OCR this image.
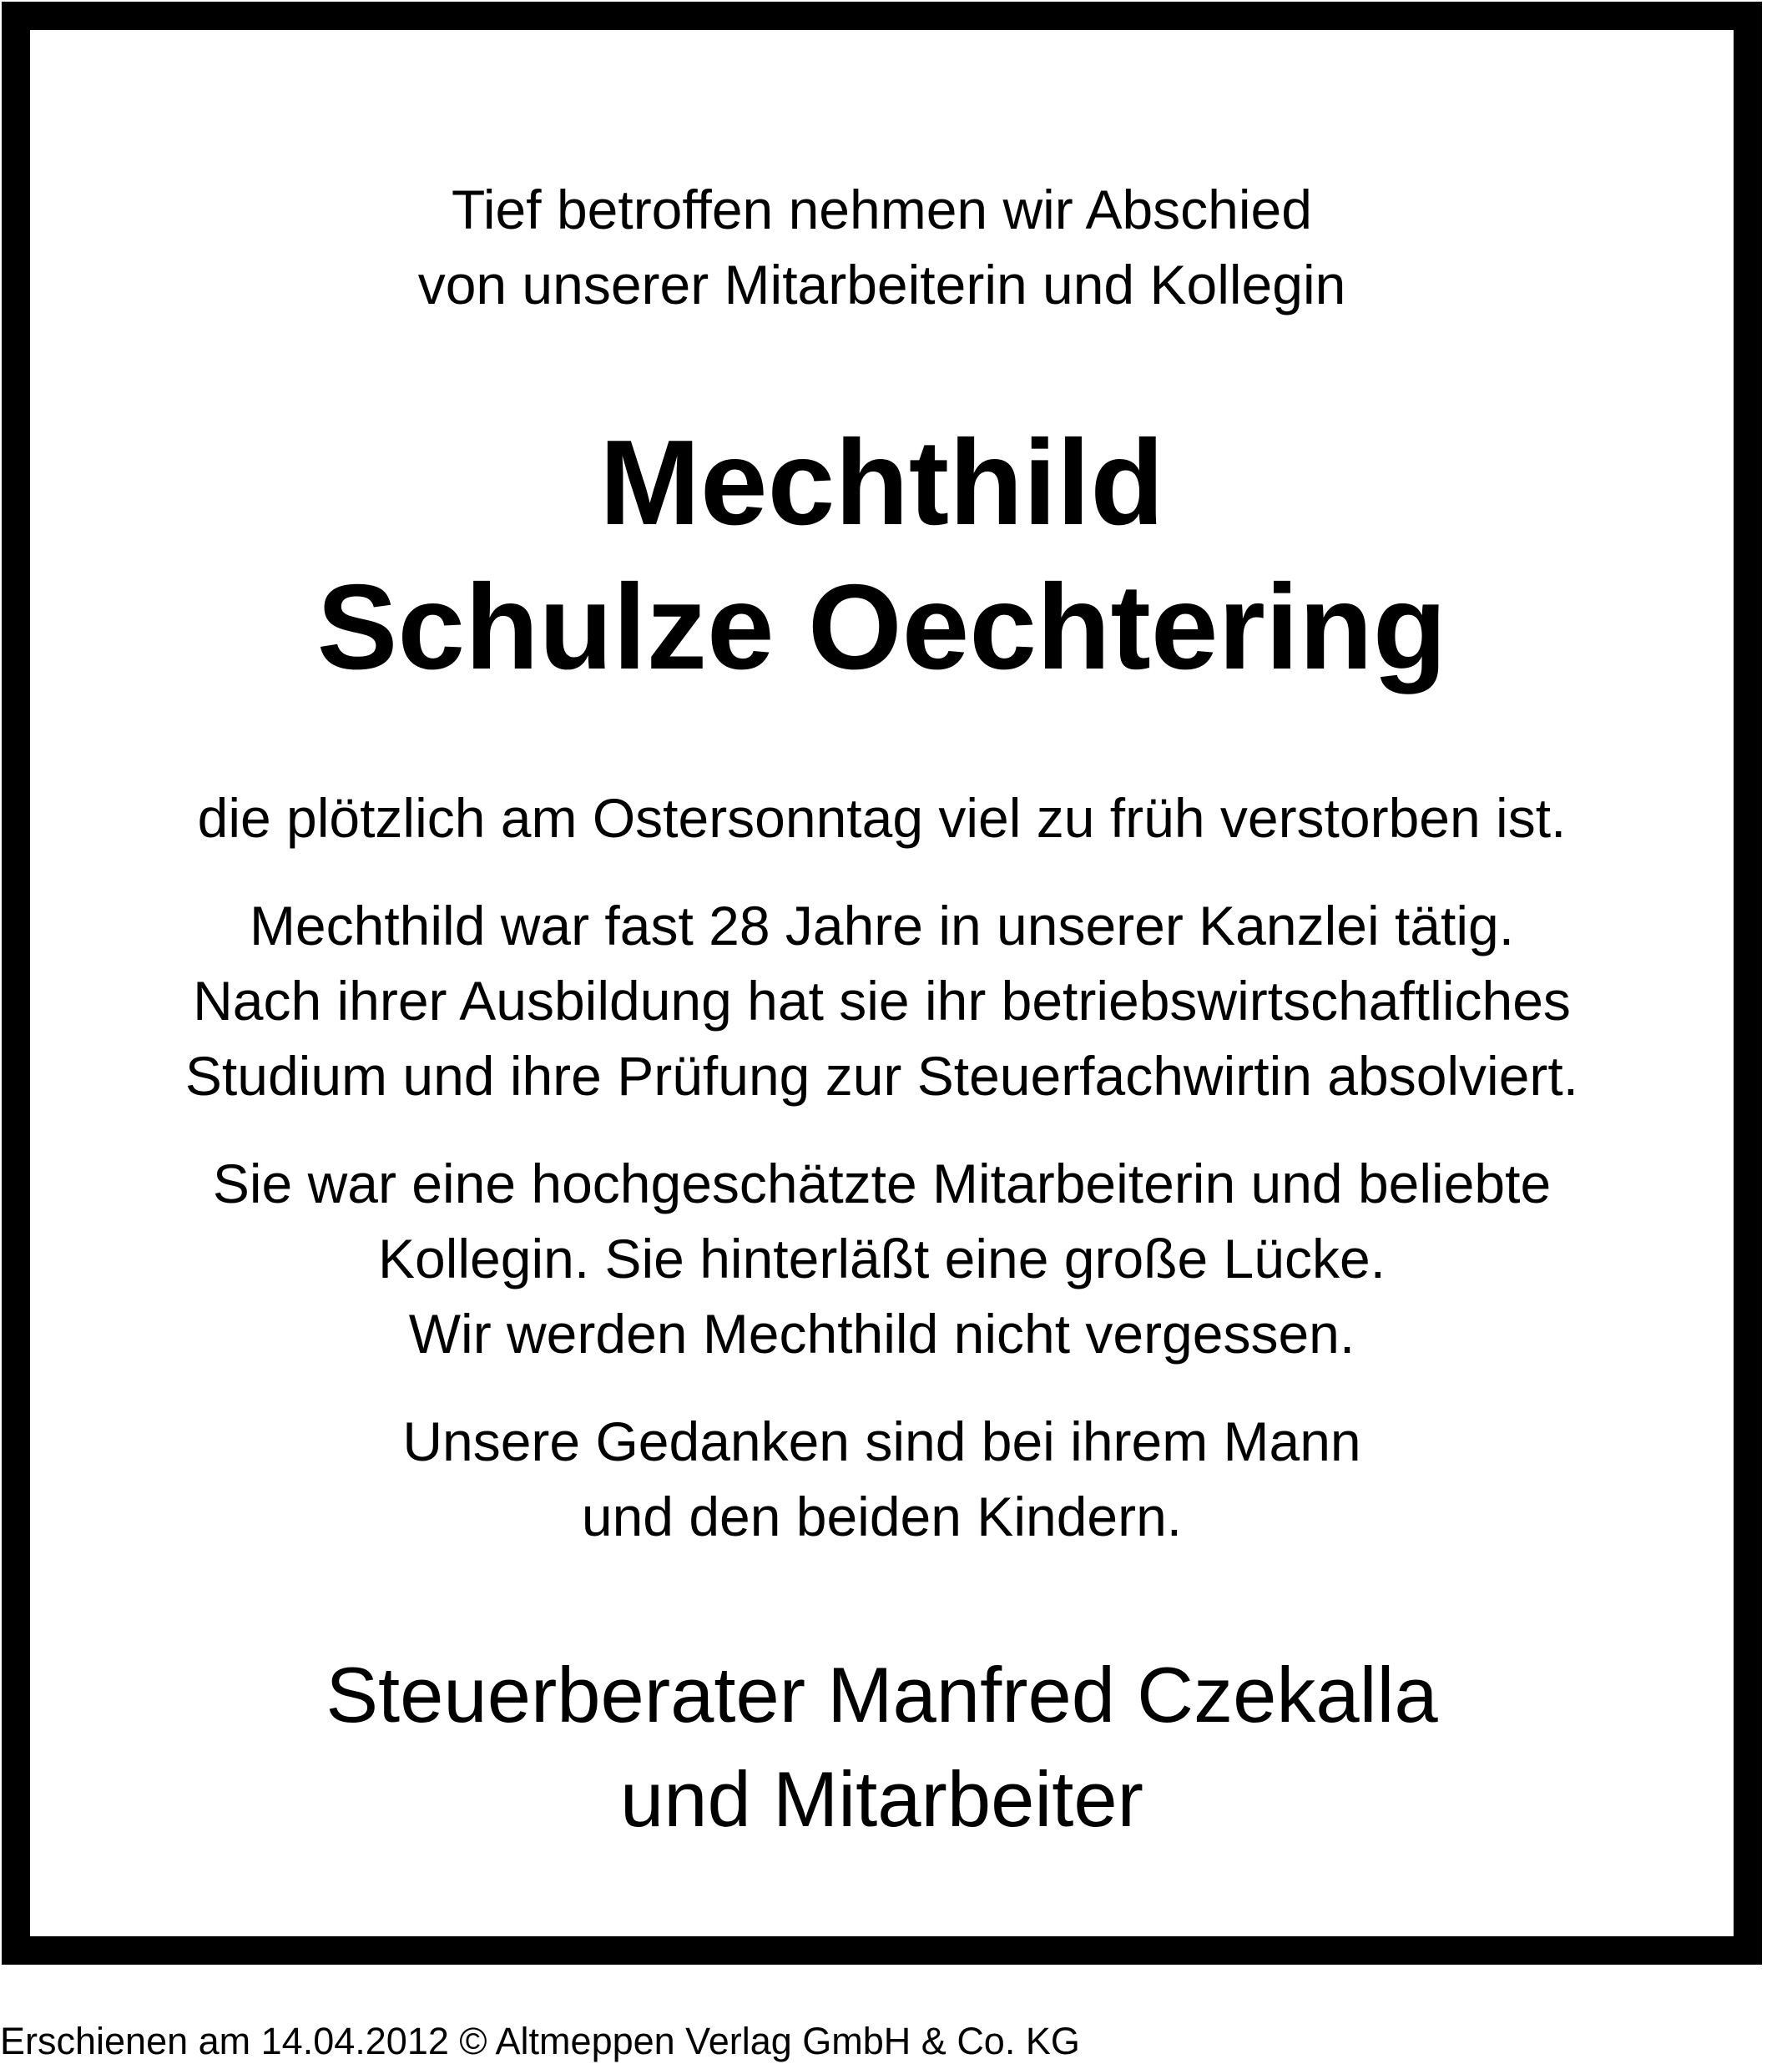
Tief betroffen nehmen wir Abschied
von unserer Mitarbeiterin und Kollegin
Mechthild
Schulze Oechtering
die plötzlich am Ostersonntag viel zu früh verstorben ist.
Mechthild war fast 28 Jahre in unserer Kanzlei tätig.
Nach ihrer Ausbildung hat sie ihr betriebswirtschaftliches
Studium und ihre Prüfung zur Steuerfachwirtin absolviert.
Sie war eine hochgeschätzte Mitarbeiterin und beliebte
Kollegin. Sie hinterläßt eine große Lücke.
Wir werden Mechthild nicht vergessen.
Unsere Gedanken sind bei ihrem Mann
und den beiden Kindern.
Steuerberater Manfred Czekalla
und Mitarbeiter
Erschienen am 14.04.2012 © Altmeppen Verlag GmbH & Co. KG
